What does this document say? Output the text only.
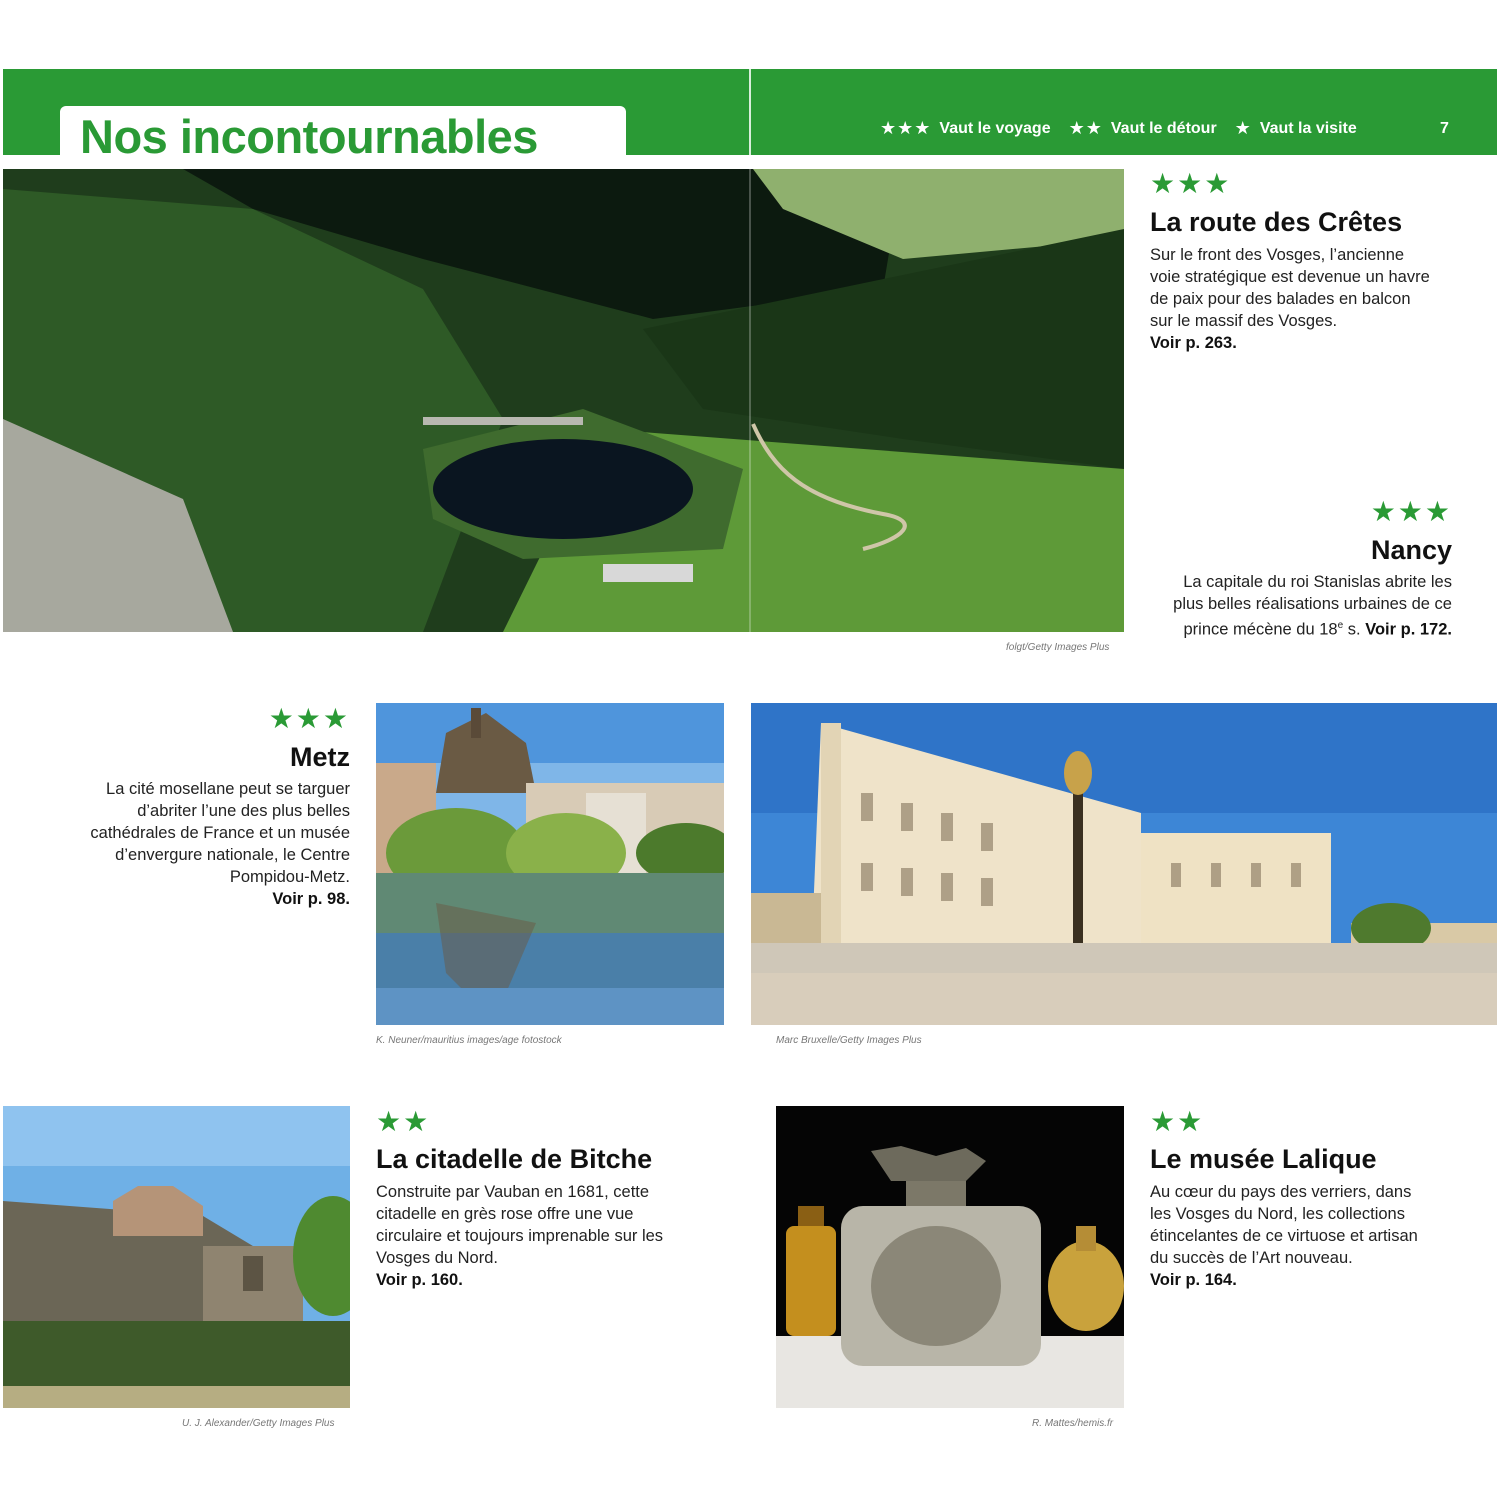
Nos incontournables	★★★ Vaut le voyage ★★ Vaut le détour ★ Vaut la visite	7
folgt/Getty Images Plus
★★★
La route des Crêtes
Sur le front des Vosges, l’ancienne
voie stratégique est devenue un havre
de paix pour des balades en balcon
sur le massif des Vosges.
Voir p. 263.
★★★
Nancy
La capitale du roi Stanislas abrite les
plus belles réalisations urbaines de ce
prince mécène du 18e s. Voir p. 172.
★★★
Metz
La cité mosellane peut se targuer
d’abriter l’une des plus belles
cathédrales de France et un musée
d’envergure nationale, le Centre
Pompidou-Metz.
Voir p. 98.
K. Neuner/mauritius images/age fotostock	Marc Bruxelle/Getty Images Plus
U. J. Alexander/Getty Images Plus
★★
La citadelle de Bitche
Construite par Vauban en 1681, cette
citadelle en grès rose offre une vue
circulaire et toujours imprenable sur les
Vosges du Nord.
Voir p. 160.
R. Mattes/hemis.fr
★★
Le musée Lalique
Au cœur du pays des verriers, dans
les Vosges du Nord, les collections
étincelantes de ce virtuose et artisan
du succès de l’Art nouveau.
Voir p. 164.
